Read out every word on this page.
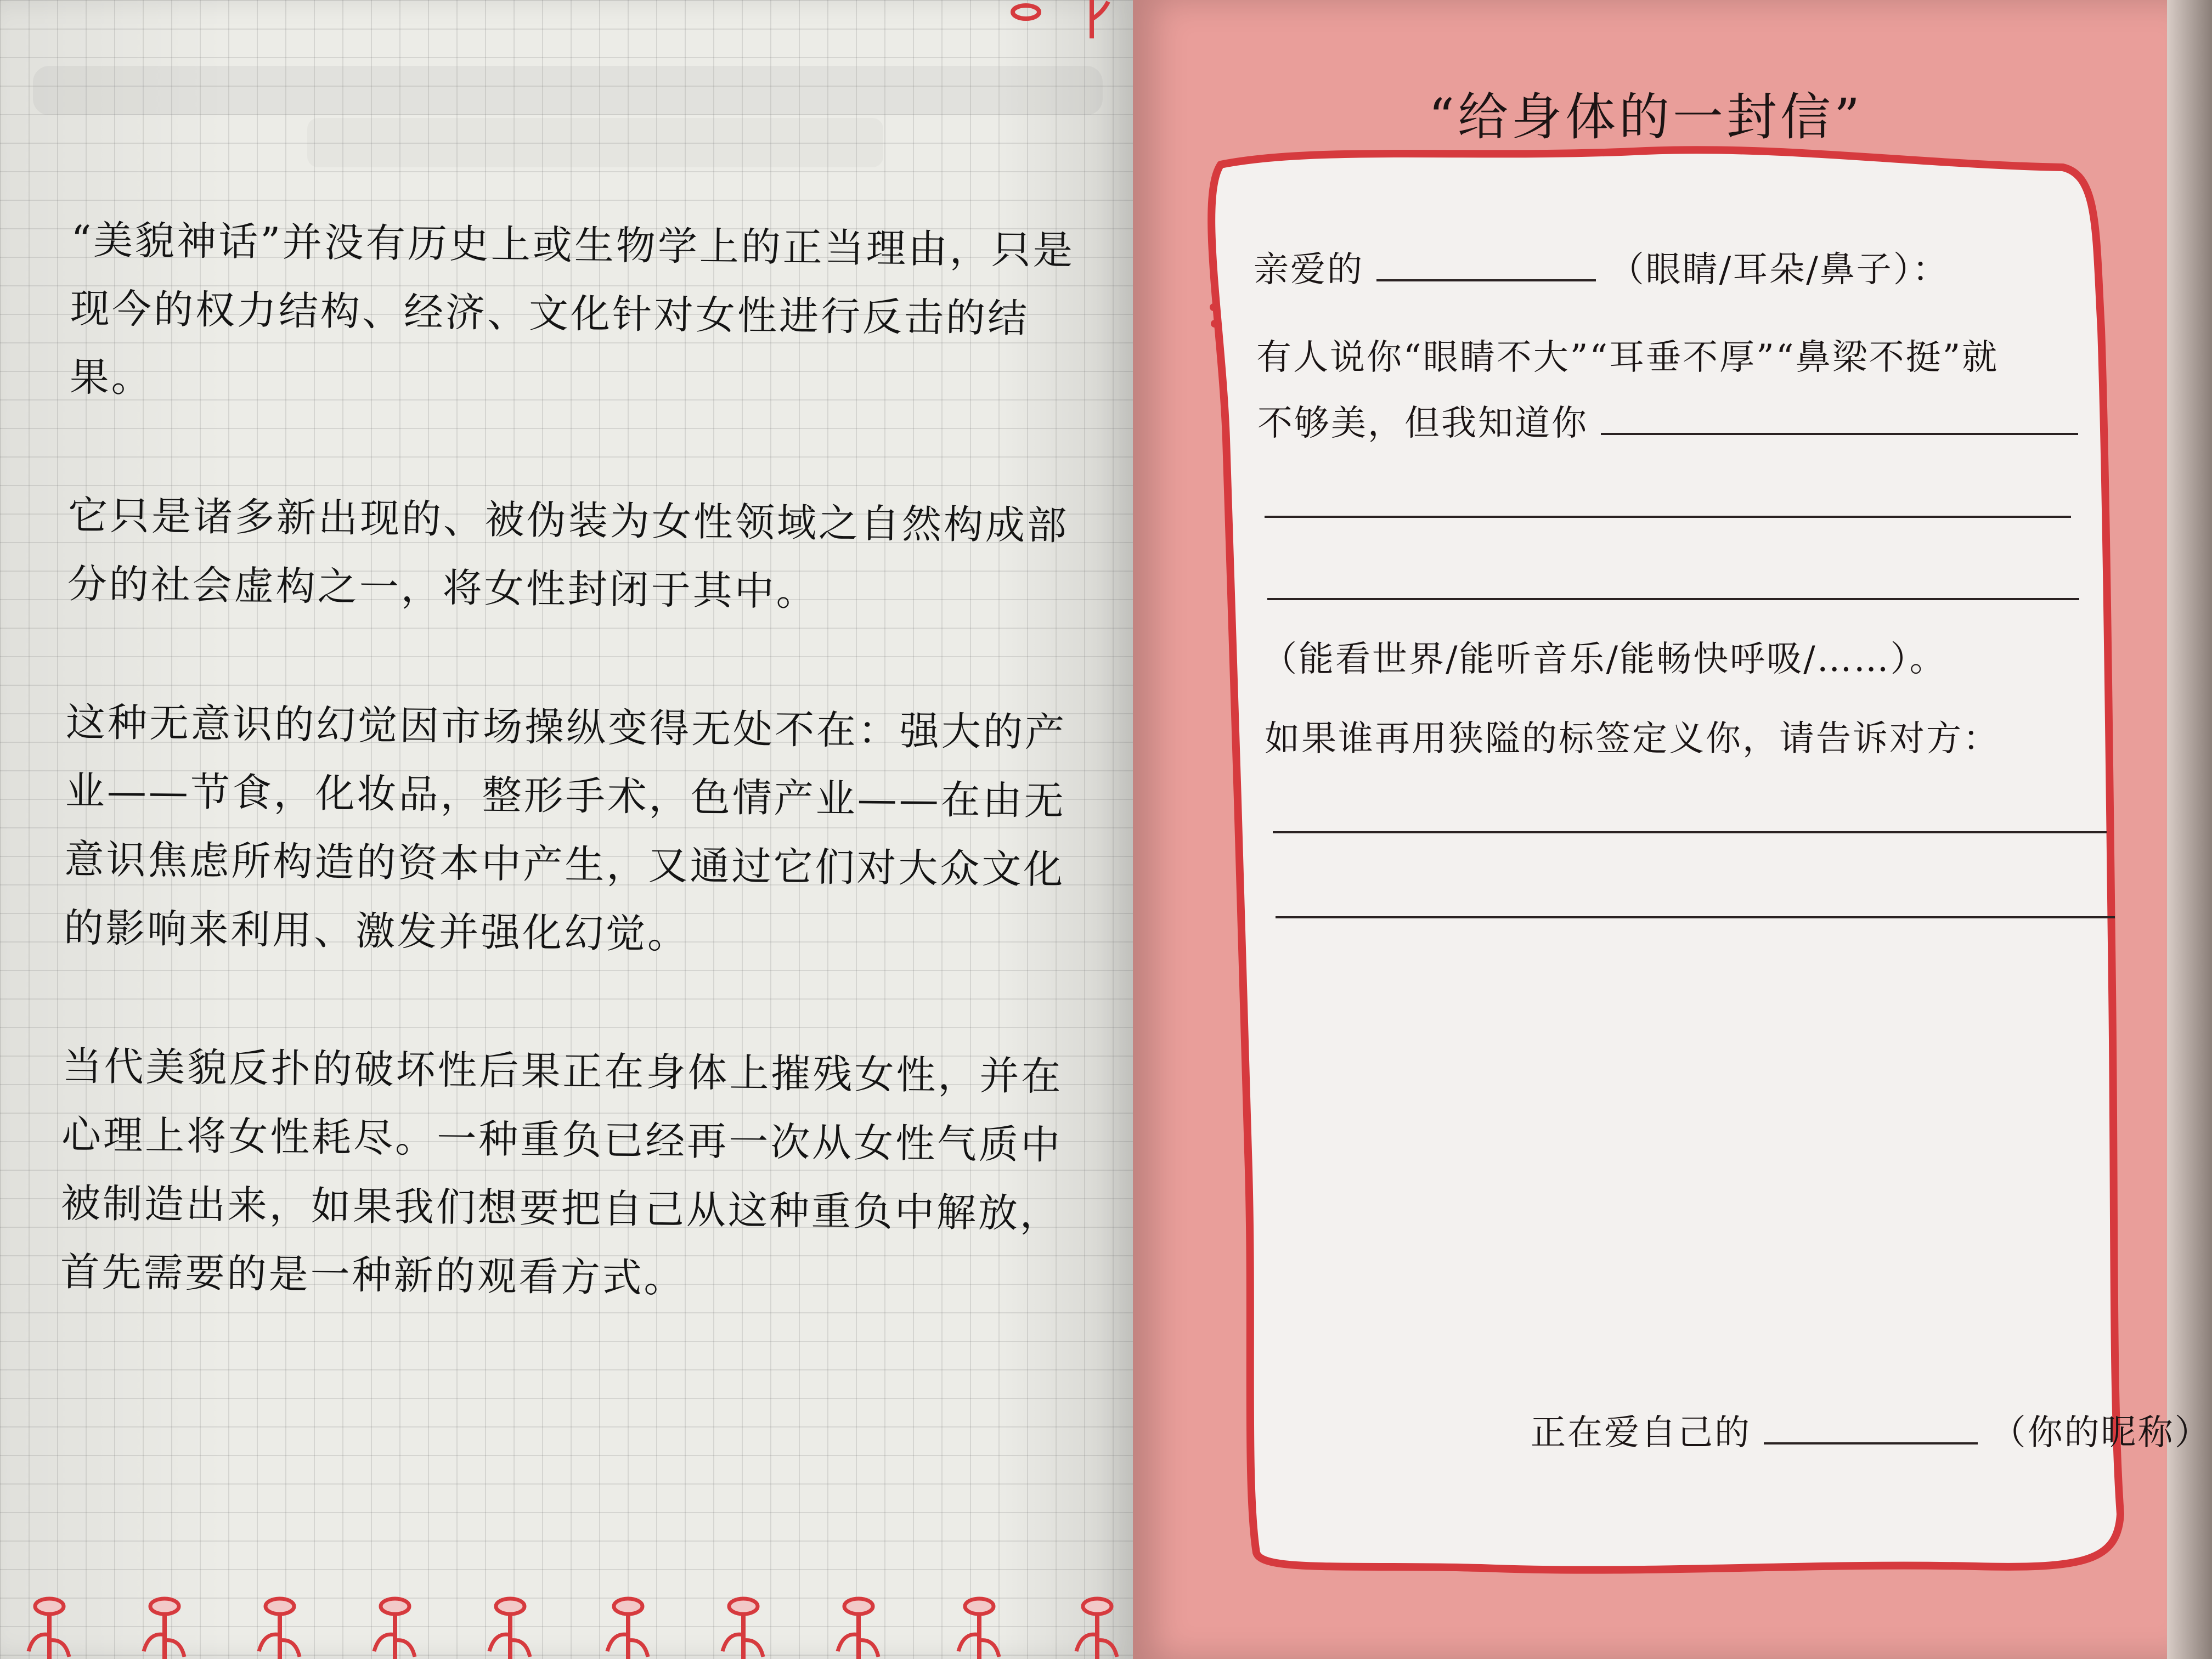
“美貌神话”并没有历史上或生物学上的正当理由，只是现今的权力结构、经济、文化针对女性进行反击的结果。

它只是诸多新出现的、被伪装为女性领域之自然构成部分的社会虚构之一，将女性封闭于其中。

这种无意识的幻觉因市场操纵变得无处不在：强大的产业——节食，化妆品，整形手术，色情产业——在由无意识焦虑所构造的资本中产生，又通过它们对大众文化的影响来利用、激发并强化幻觉。

当代美貌反扑的破坏性后果正在身体上摧残女性，并在心理上将女性耗尽。一种重负已经再一次从女性气质中被制造出来，如果我们想要把自己从这种重负中解放，首先需要的是一种新的观看方式。

“给身体的一封信”
亲爱的	（眼睛/耳朵/鼻子）：
有人说你“眼睛不大”“耳垂不厚”“鼻梁不挺”就
不够美，但我知道你
（能看世界/能听音乐/能畅快呼吸/……）。
如果谁再用狭隘的标签定义你，请告诉对方：
正在爱自己的	（你的昵称）
